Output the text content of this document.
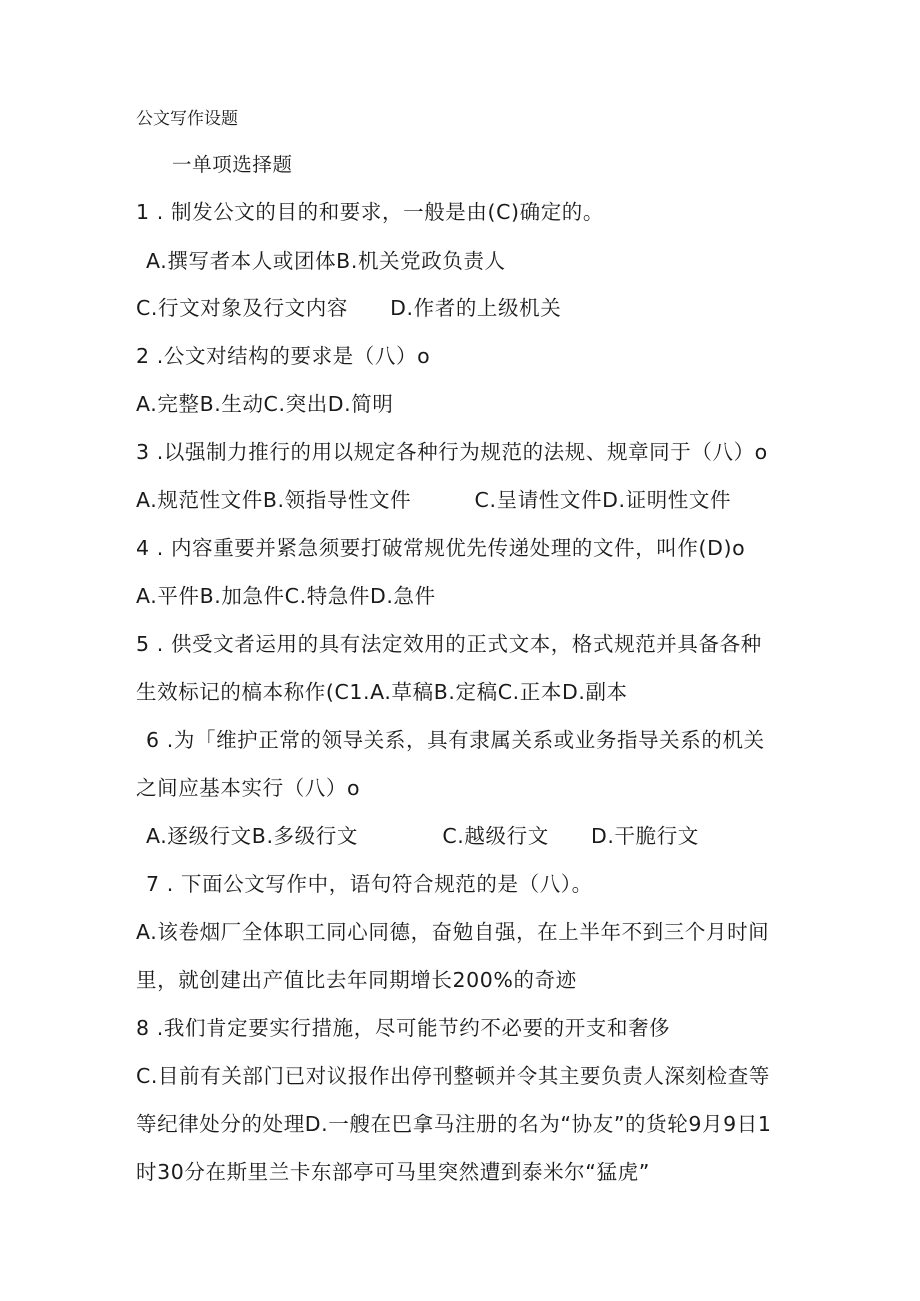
公文写作设题
一单项选择题
1 . 制发公文的目的和要求，一般是由(C)确定的。
A.撰写者本人或团体B.机关党政负责人
C.行文对象及行文内容　　D.作者的上级机关
2 .公文对结构的要求是（八）o
A.完整B.生动C.突出D.简明
3 .以强制力推行的用以规定各种行为规范的法规、规章同于（八）o
A.规范性文件B.领指导性文件　　　C.呈请性文件D.证明性文件
4 . 内容重要并紧急须要打破常规优先传递处理的文件，叫作(D)o
A.平件B.加急件C.特急件D.急件
5 . 供受文者运用的具有法定效用的正式文本，格式规范并具备各种
生效标记的槁本称作(C1.A.草稿B.定稿C.正本D.副本
6 .为「维护正常的领导关系，具有隶属关系或业务指导关系的机关
之间应基本实行（八）o
A.逐级行文B.多级行文　　　　C.越级行文　　D.干脆行文
7 . 下面公文写作中，语句符合规范的是（八）。
A.该卷烟厂全体职工同心同德，奋勉自强，在上半年不到三个月时间
里，就创建出产值比去年同期增长200%的奇迹
8 .我们肯定要实行措施，尽可能节约不必要的开支和奢侈
C.目前有关部门已对议报作出停刊整顿并令其主要负责人深刻检查等
等纪律处分的处理D.一艘在巴拿马注册的名为“协友”的货轮9月9日1
时30分在斯里兰卡东部亭可马里突然遭到泰米尔“猛虎”
